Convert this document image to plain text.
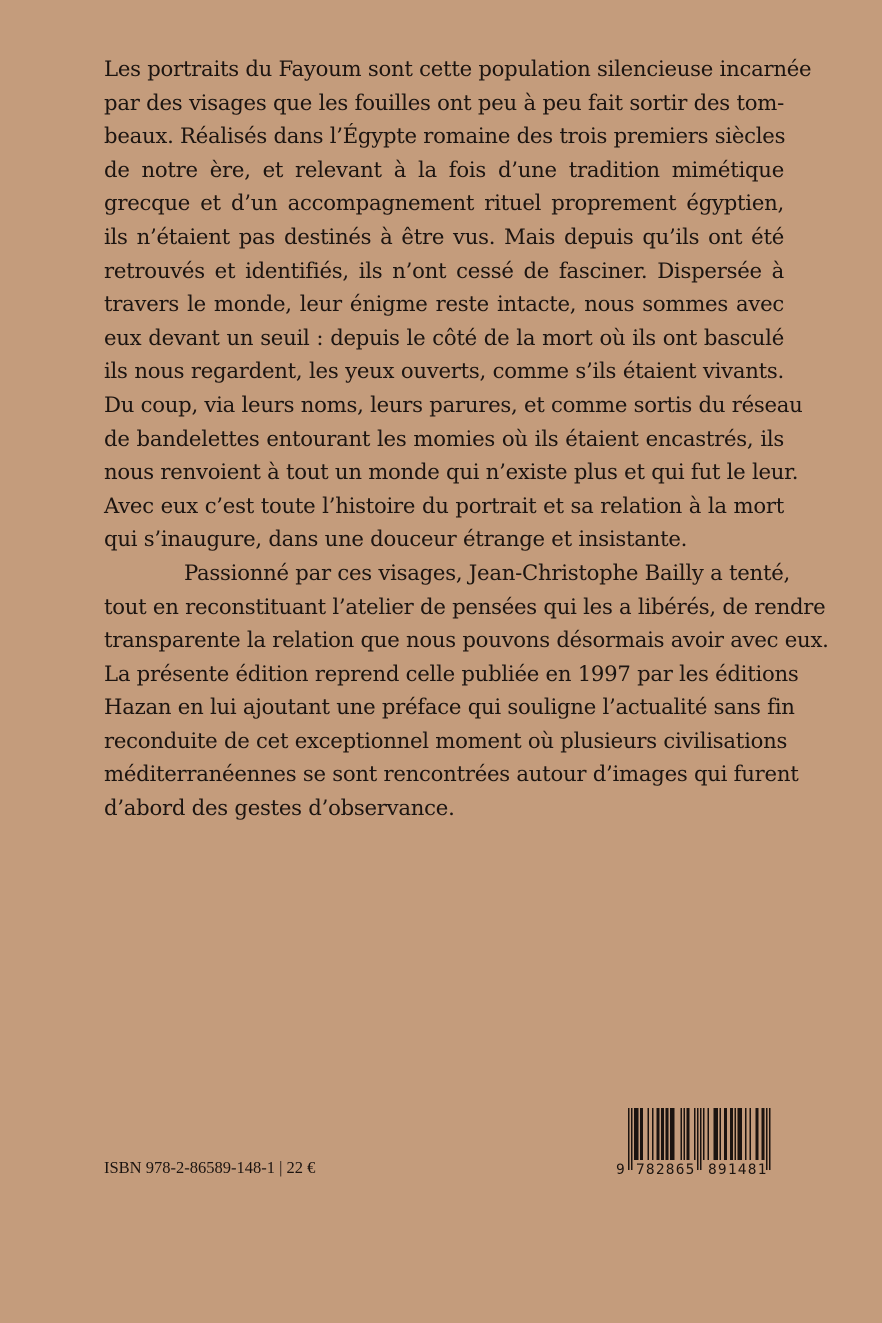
Les portraits du Fayoum sont cette population silencieuse incarnée
par des visages que les fouilles ont peu à peu fait sortir des tom-
beaux. Réalisés dans l’Égypte romaine des trois premiers siècles
de notre ère, et relevant à la fois d’une tradition mimétique
grecque et d’un accompagnement rituel proprement égyptien,
ils n’étaient pas destinés à être vus. Mais depuis qu’ils ont été
retrouvés et identifiés, ils n’ont cessé de fasciner. Dispersée à
travers le monde, leur énigme reste intacte, nous sommes avec
eux devant un seuil : depuis le côté de la mort où ils ont basculé
ils nous regardent, les yeux ouverts, comme s’ils étaient vivants.
Du coup, via leurs noms, leurs parures, et comme sortis du réseau
de bandelettes entourant les momies où ils étaient encastrés, ils
nous renvoient à tout un monde qui n’existe plus et qui fut le leur.
Avec eux c’est toute l’histoire du portrait et sa relation à la mort
qui s’inaugure, dans une douceur étrange et insistante.
Passionné par ces visages, Jean-Christophe Bailly a tenté,
tout en reconstituant l’atelier de pensées qui les a libérés, de rendre
transparente la relation que nous pouvons désormais avoir avec eux.
La présente édition reprend celle publiée en 1997 par les éditions
Hazan en lui ajoutant une préface qui souligne l’actualité sans fin
reconduite de cet exceptionnel moment où plusieurs civilisations
méditerranéennes se sont rencontrées autour d’images qui furent
d’abord des gestes d’observance.
ISBN 978-2-86589-148-1 | 22 €	9 782865 891481
